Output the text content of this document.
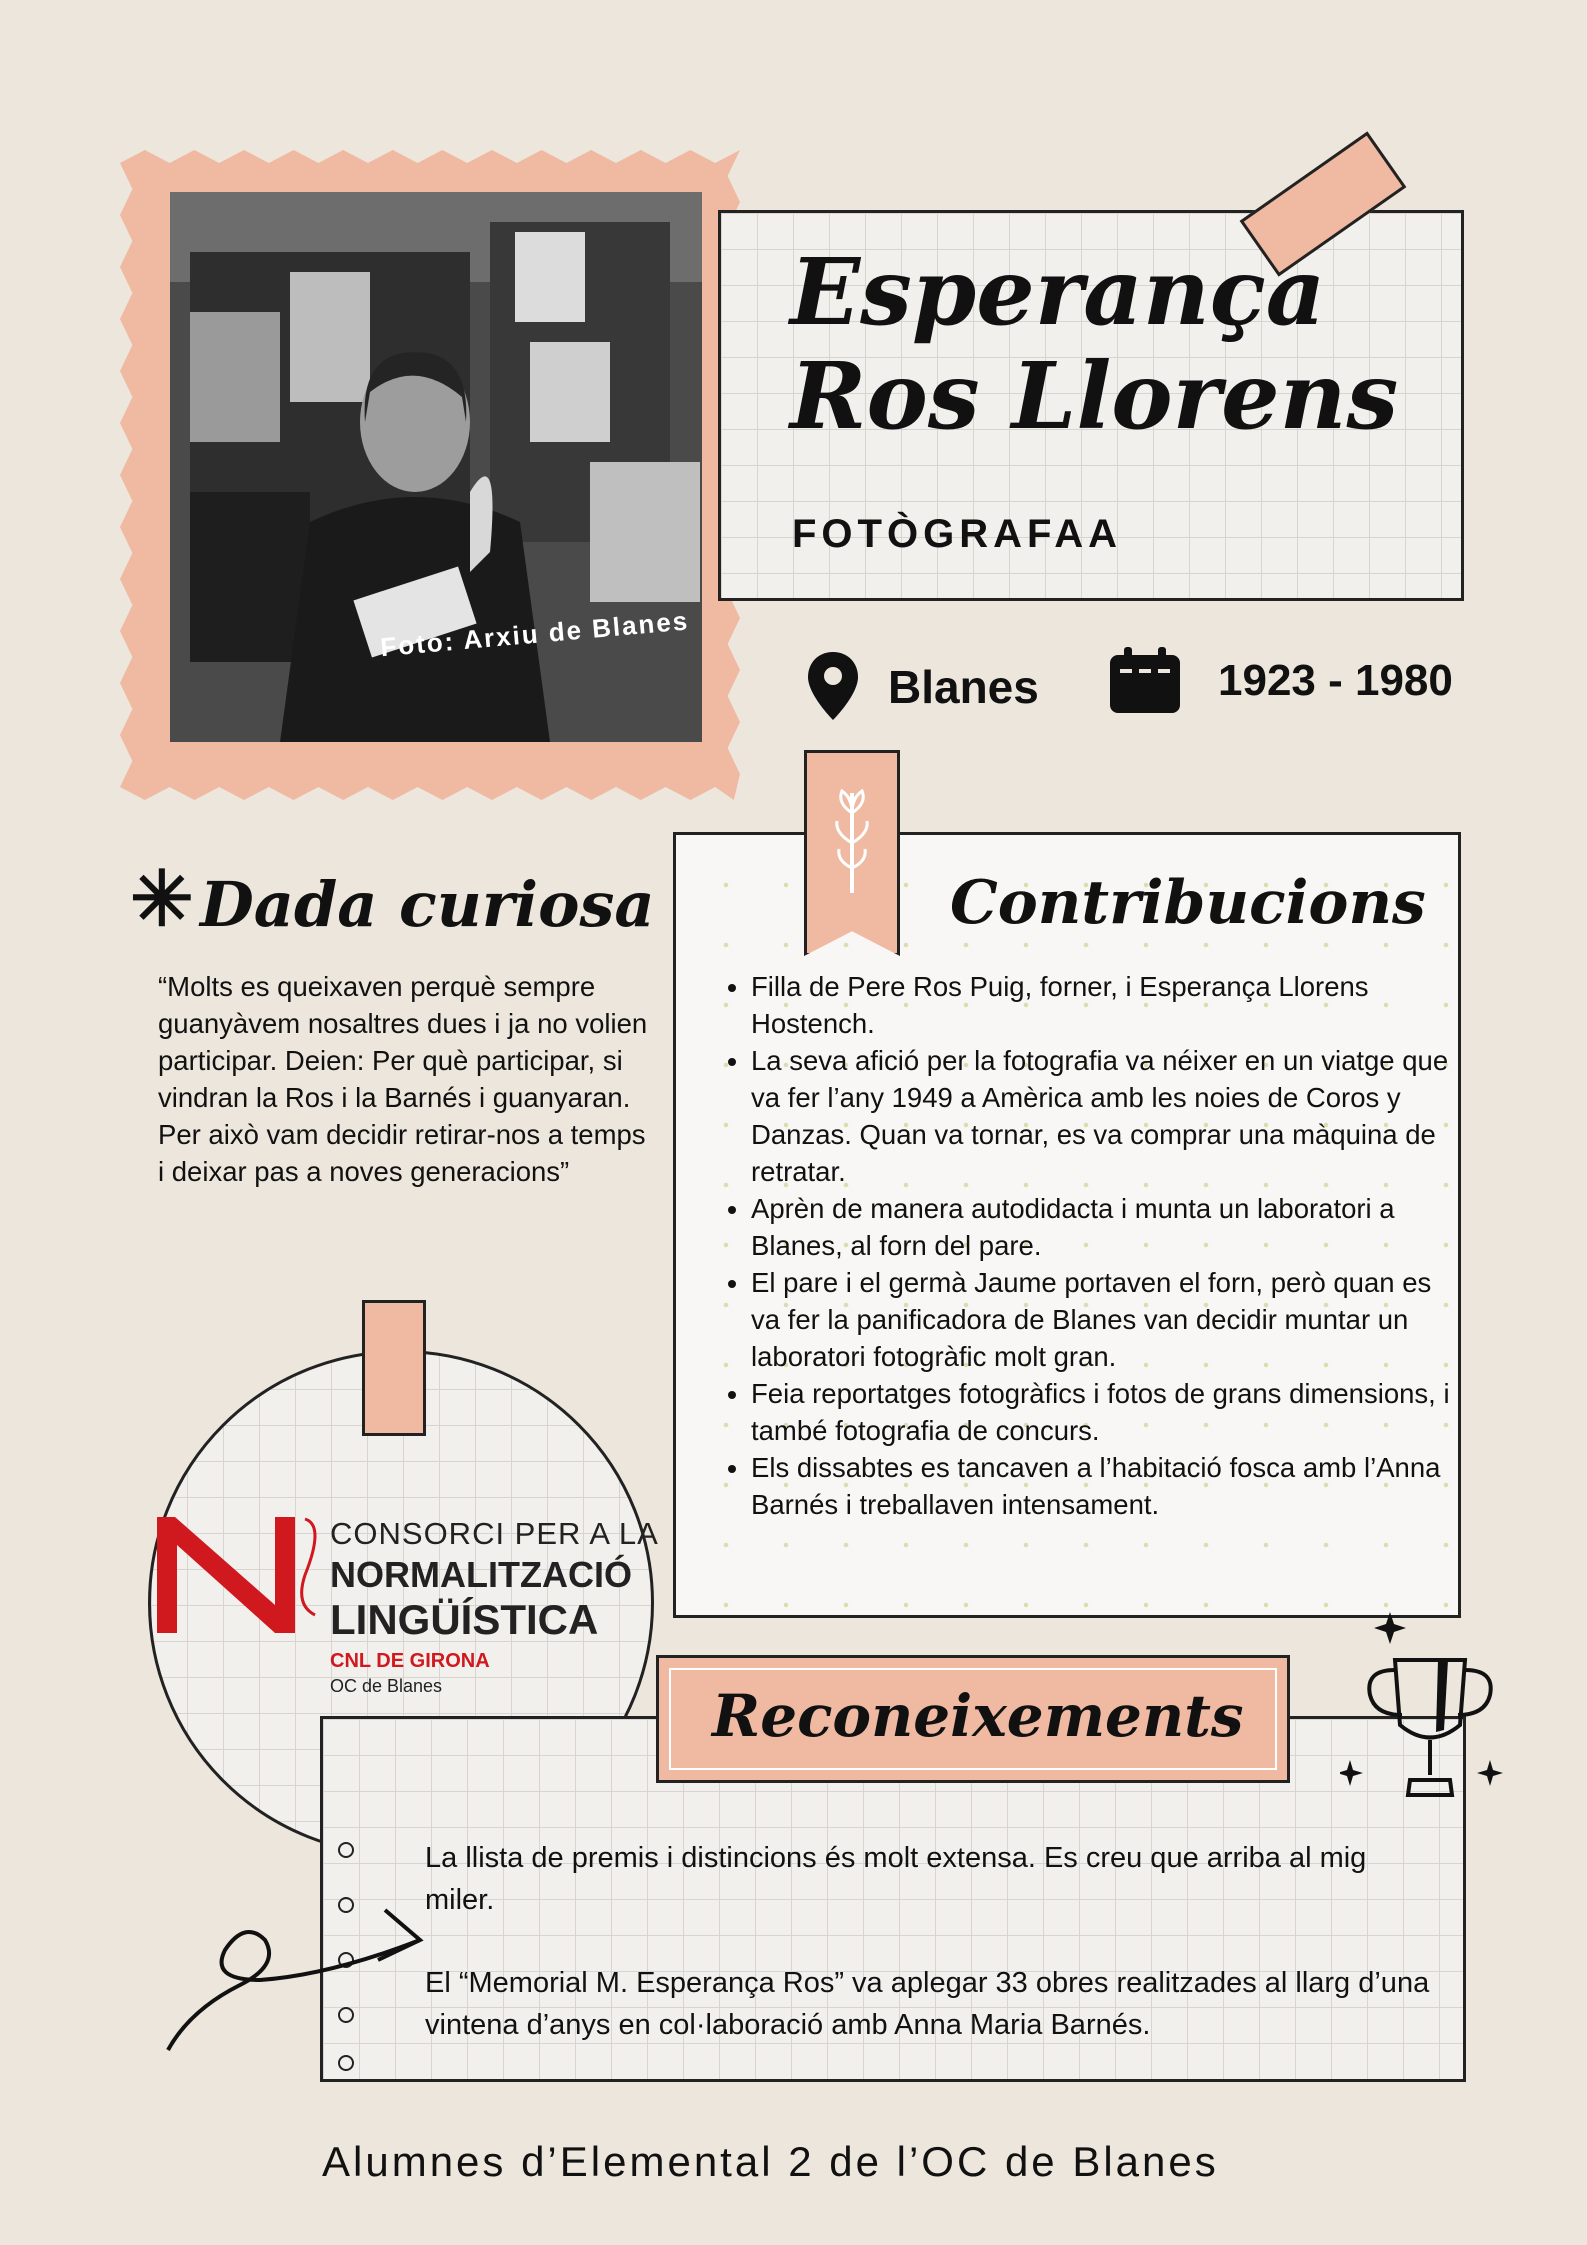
Foto: Arxiu de Blanes
Esperança
Ros Llorens
FOTÒGRAFAA
Blanes	1923 - 1980
Contribucions
• Filla de Pere Ros Puig, forner, i Esperança Llorens Hostench.
• La seva afició per la fotografia va néixer en un viatge que va fer l’any 1949 a Amèrica amb les noies de Coros y Danzas. Quan va tornar, es va comprar una màquina de retratar.
• Aprèn de manera autodidacta i munta un laboratori a Blanes, al forn del pare.
• El pare i el germà Jaume portaven el forn, però quan es va fer la panificadora de Blanes van decidir muntar un laboratori fotogràfic molt gran.
• Feia reportatges fotogràfics i fotos de grans dimensions, i també fotografia de concurs.
• Els dissabtes es tancaven a l’habitació fosca amb l’Anna Barnés i treballaven intensament.
✳ Dada curiosa
“Molts es queixaven perquè sempre guanyàvem nosaltres dues i ja no volien participar. Deien: Per què participar, si vindran la Ros i la Barnés i guanyaran. Per això vam decidir retirar-nos a temps i deixar pas a noves generacions”
CONSORCI PER A LA
NORMALITZACIÓ
LINGÜÍSTICA
CNL DE GIRONA
OC de Blanes	Reconeixements
La llista de premis i distincions és molt extensa. Es creu que arriba al mig miler.
El “Memorial M. Esperança Ros” va aplegar 33 obres realitzades al llarg d’una vintena d’anys en col·laboració amb Anna Maria Barnés.
Alumnes d’Elemental 2 de l’OC de Blanes
